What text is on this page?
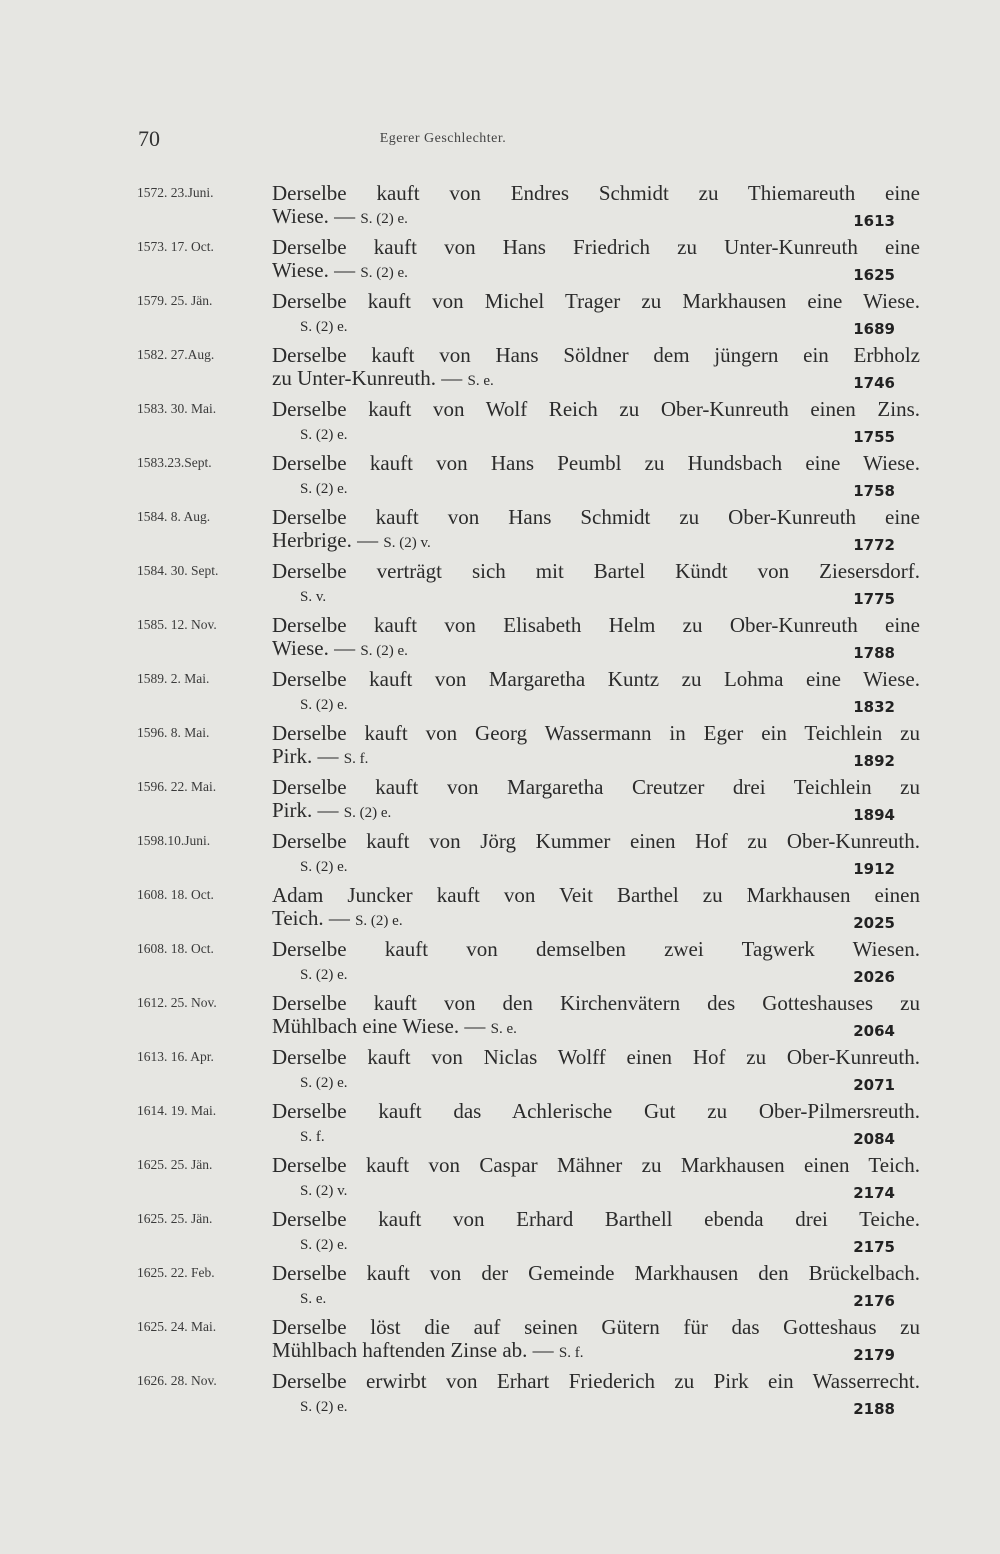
70	Egerer Geschlechter.
1572. 23.Juni.	Derselbe kauft von Endres Schmidt zu Thiemareuth eine
Wiese. — S. (2) e.	1613
1573. 17. Oct.	Derselbe kauft von Hans Friedrich zu Unter-Kunreuth eine
Wiese. — S. (2) e.	1625
1579. 25. Jän.	Derselbe kauft von Michel Trager zu Markhausen eine Wiese.
S. (2) e.	1689
1582. 27.Aug.	Derselbe kauft von Hans Söldner dem jüngern ein Erbholz
zu Unter-Kunreuth. — S. e.	1746
1583. 30. Mai.	Derselbe kauft von Wolf Reich zu Ober-Kunreuth einen Zins.
S. (2) e.	1755
1583.23.Sept.	Derselbe kauft von Hans Peumbl zu Hundsbach eine Wiese.
S. (2) e.	1758
1584. 8. Aug.	Derselbe kauft von Hans Schmidt zu Ober-Kunreuth eine
Herbrige. — S. (2) v.	1772
1584. 30. Sept.	Derselbe verträgt sich mit Bartel Kündt von Ziesersdorf.
S. v.	1775
1585. 12. Nov.	Derselbe kauft von Elisabeth Helm zu Ober-Kunreuth eine
Wiese. — S. (2) e.	1788
1589. 2. Mai.	Derselbe kauft von Margaretha Kuntz zu Lohma eine Wiese.
S. (2) e.	1832
1596. 8. Mai.	Derselbe kauft von Georg Wassermann in Eger ein Teichlein zu
Pirk. — S. f.	1892
1596. 22. Mai.	Derselbe kauft von Margaretha Creutzer drei Teichlein zu
Pirk. — S. (2) e.	1894
1598.10.Juni.	Derselbe kauft von Jörg Kummer einen Hof zu Ober-Kunreuth.
S. (2) e.	1912
1608. 18. Oct.	Adam Juncker kauft von Veit Barthel zu Markhausen einen
Teich. — S. (2) e.	2025
1608. 18. Oct.	Derselbe kauft von demselben zwei Tagwerk Wiesen.
S. (2) e.	2026
1612. 25. Nov.	Derselbe kauft von den Kirchenvätern des Gotteshauses zu
Mühlbach eine Wiese. — S. e.	2064
1613. 16. Apr.	Derselbe kauft von Niclas Wolff einen Hof zu Ober-Kunreuth.
S. (2) e.	2071
1614. 19. Mai.	Derselbe kauft das Achlerische Gut zu Ober-Pilmersreuth.
S. f.	2084
1625. 25. Jän.	Derselbe kauft von Caspar Mähner zu Markhausen einen Teich.
S. (2) v.	2174
1625. 25. Jän.	Derselbe kauft von Erhard Barthell ebenda drei Teiche.
S. (2) e.	2175
1625. 22. Feb.	Derselbe kauft von der Gemeinde Markhausen den Brückelbach.
S. e.	2176
1625. 24. Mai.	Derselbe löst die auf seinen Gütern für das Gotteshaus zu
Mühlbach haftenden Zinse ab. — S. f.	2179
1626. 28. Nov.	Derselbe erwirbt von Erhart Friederich zu Pirk ein Wasserrecht.
S. (2) e.	2188
